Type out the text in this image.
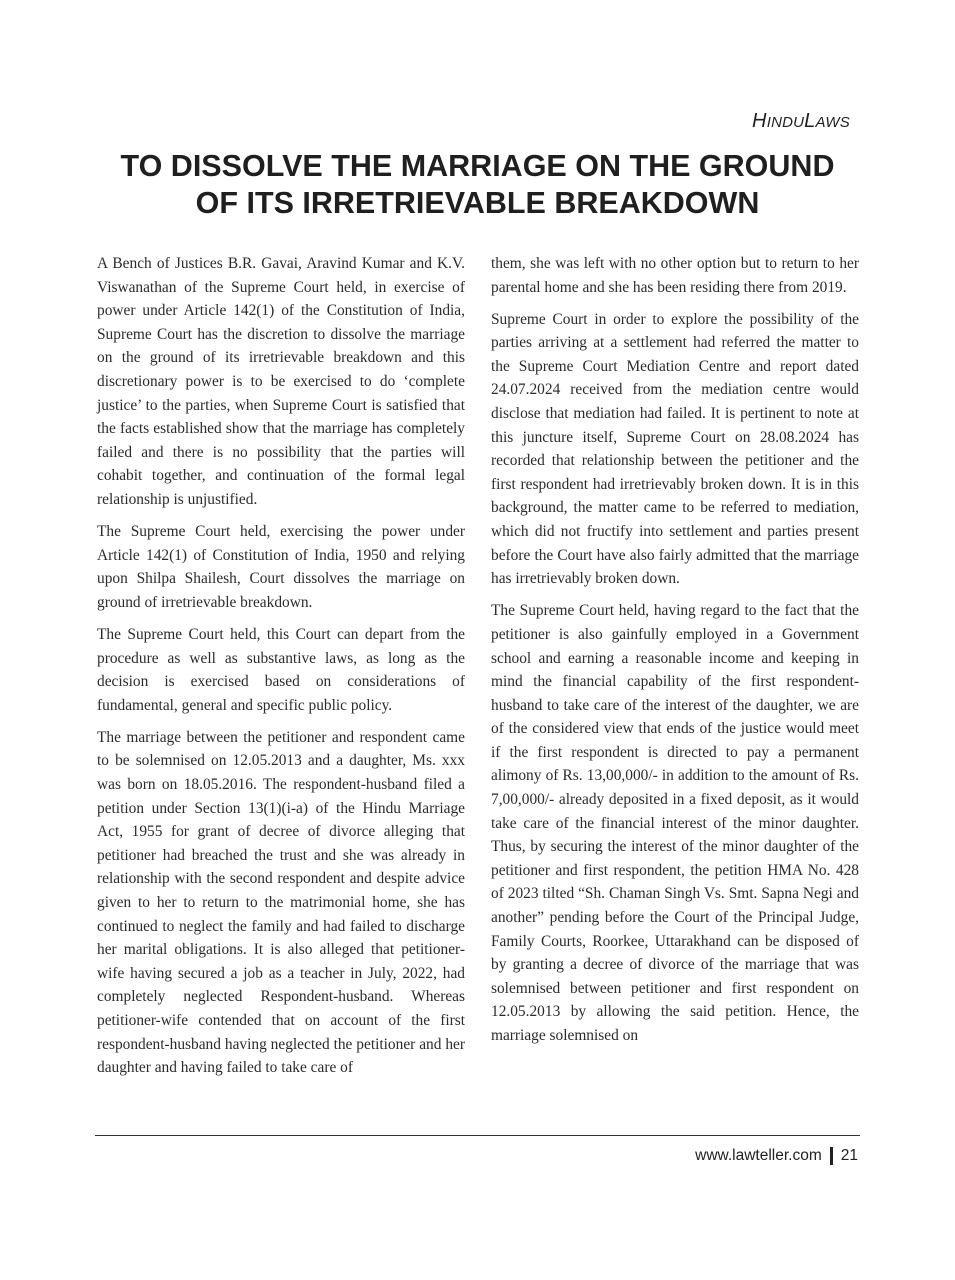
HINDULAWS
TO DISSOLVE THE MARRIAGE ON THE GROUND
OF ITS IRRETRIEVABLE BREAKDOWN

A Bench of Justices B.R. Gavai, Aravind Kumar and K.V. Viswanathan of the Supreme Court held, in exercise of power under Article 142(1) of the Constitution of India, Supreme Court has the discretion to dissolve the marriage on the ground of its irretrievable breakdown and this discretionary power is to be exercised to do ‘complete justice’ to the parties, when Supreme Court is satisfied that the facts established show that the marriage has completely failed and there is no possibility that the parties will cohabit together, and continuation of the formal legal relationship is unjustified.

The Supreme Court held, exercising the power under Article 142(1) of Constitution of India, 1950 and relying upon Shilpa Shailesh, Court dissolves the marriage on ground of irretrievable breakdown.

The Supreme Court held, this Court can depart from the procedure as well as substantive laws, as long as the decision is exercised based on considerations of fundamental, general and specific public policy.

The marriage between the petitioner and respondent came to be solemnised on 12.05.2013 and a daughter, Ms. xxx was born on 18.05.2016. The respondent-husband filed a petition under Section 13(1)(i-a) of the Hindu Marriage Act, 1955 for grant of decree of divorce alleging that petitioner had breached the trust and she was already in relationship with the second respondent and despite advice given to her to return to the matrimonial home, she has continued to neglect the family and had failed to discharge her marital obligations. It is also alleged that petitioner-wife having secured a job as a teacher in July, 2022, had completely neglected Respondent-husband. Whereas petitioner-wife contended that on account of the first respondent-husband having neglected the petitioner and her daughter and having failed to take care of

them, she was left with no other option but to return to her parental home and she has been residing there from 2019.

Supreme Court in order to explore the possibility of the parties arriving at a settlement had referred the matter to the Supreme Court Mediation Centre and report dated 24.07.2024 received from the mediation centre would disclose that mediation had failed. It is pertinent to note at this juncture itself, Supreme Court on 28.08.2024 has recorded that relationship between the petitioner and the first respondent had irretrievably broken down. It is in this background, the matter came to be referred to mediation, which did not fructify into settlement and parties present before the Court have also fairly admitted that the marriage has irretrievably broken down.

The Supreme Court held, having regard to the fact that the petitioner is also gainfully employed in a Government school and earning a reasonable income and keeping in mind the financial capability of the first respondent-husband to take care of the interest of the daughter, we are of the considered view that ends of the justice would meet if the first respondent is directed to pay a permanent alimony of Rs. 13,00,000/- in addition to the amount of Rs. 7,00,000/- already deposited in a fixed deposit, as it would take care of the financial interest of the minor daughter. Thus, by securing the interest of the minor daughter of the petitioner and first respondent, the petition HMA No. 428 of 2023 tilted “Sh. Chaman Singh Vs. Smt. Sapna Negi and another” pending before the Court of the Principal Judge, Family Courts, Roorkee, Uttarakhand can be disposed of by granting a decree of divorce of the marriage that was solemnised between petitioner and first respondent on 12.05.2013 by allowing the said petition. Hence, the marriage solemnised on

www.lawteller.com 21
